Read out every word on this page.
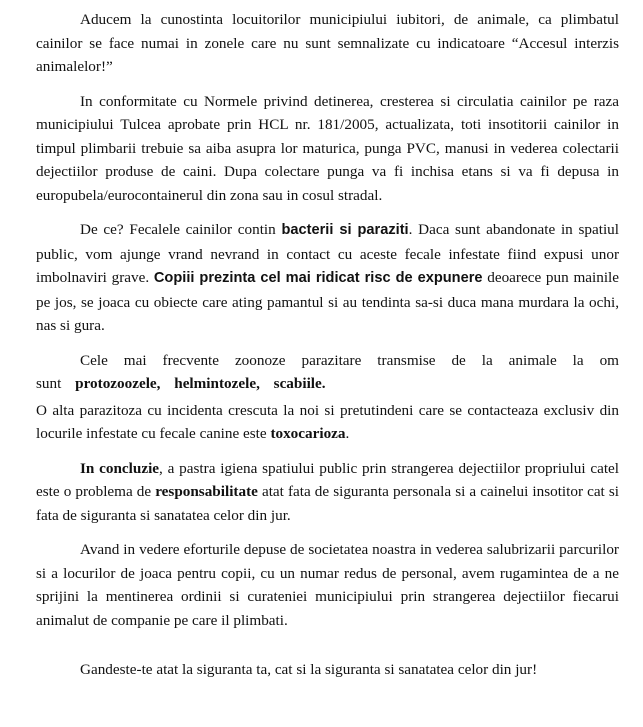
Aducem la cunostinta locuitorilor municipiului iubitori, de animale, ca plimbatul cainilor se face numai in zonele care nu sunt semnalizate cu indicatoare “Accesul interzis animalelor!”

In conformitate cu Normele privind detinerea, cresterea si circulatia cainilor pe raza municipiului Tulcea aprobate prin HCL nr. 181/2005, actualizata, toti insotitorii cainilor in timpul plimbarii trebuie sa aiba asupra lor maturica, punga PVC, manusi in vederea colectarii dejectiilor produse de caini. Dupa colectare punga va fi inchisa etans si va fi depusa in europubela/eurocontainerul din zona sau in cosul stradal.

De ce? Fecalele cainilor contin bacterii si paraziti. Daca sunt abandonate in spatiul public, vom ajunge vrand nevrand in contact cu aceste fecale infestate fiind expusi unor imbolnaviri grave. Copiii prezinta cel mai ridicat risc de expunere deoarece pun mainile pe jos, se joaca cu obiecte care ating pamantul si au tendinta sa-si duca mana murdara la ochi, nas si gura.

Cele mai frecvente zoonoze parazitare transmise de la animale la om sunt protozoozele, helmintozele, scabiile.

O alta parazitoza cu incidenta crescuta la noi si pretutindeni care se contacteaza exclusiv din locurile infestate cu fecale canine este toxocarioza.

In concluzie, a pastra igiena spatiului public prin strangerea dejectiilor propriului catel este o problema de responsabilitate atat fata de siguranta personala si a cainelui insotitor cat si fata de siguranta si sanatatea celor din jur.

Avand in vedere eforturile depuse de societatea noastra in vederea salubrizarii parcurilor si a locurilor de joaca pentru copii, cu un numar redus de personal, avem rugamintea de a ne sprijini la mentinerea ordinii si curateniei municipiului prin strangerea dejectiilor fiecarui animalut de companie pe care il plimbati.

Gandeste-te atat la siguranta ta, cat si la siguranta si sanatatea celor din jur!
